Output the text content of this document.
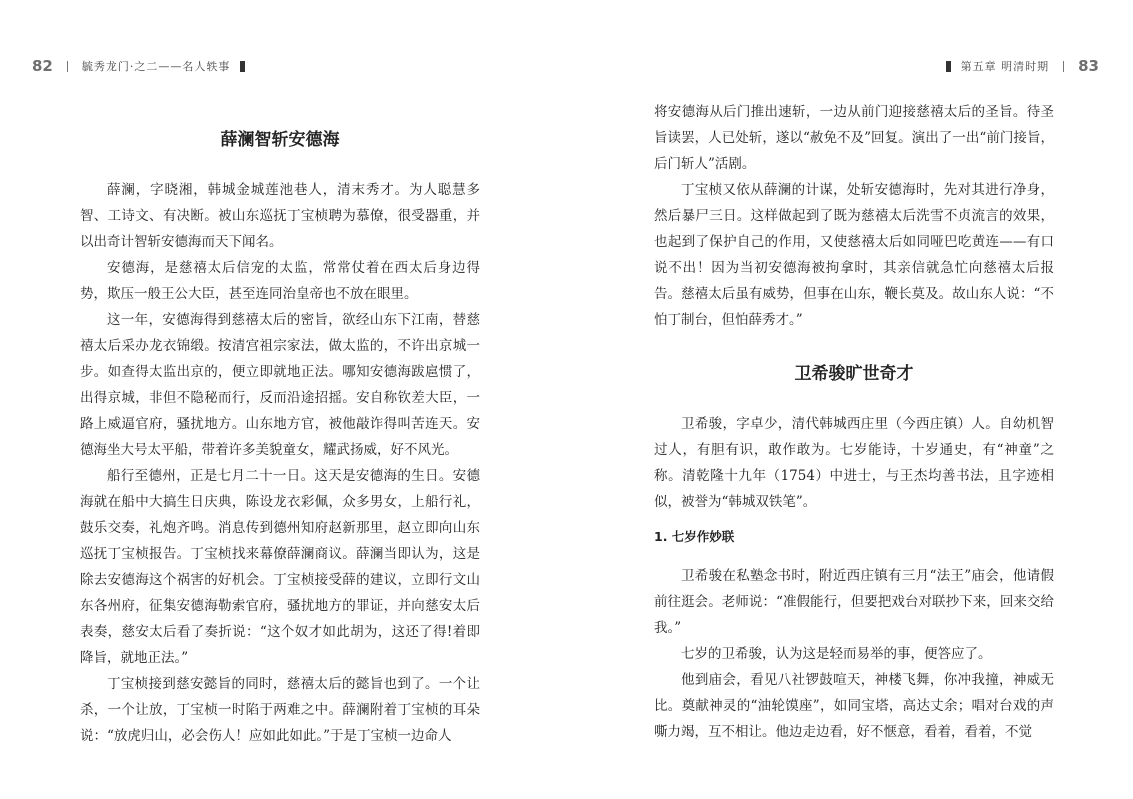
82	毓秀龙门·之二——名人轶事
薛澜智斩安德海

薛澜，字晓湘，韩城金城莲池巷人，清末秀才。为人聪慧多智、工诗文、有决断。被山东巡抚丁宝桢聘为慕僚，很受器重，并以出奇计智斩安德海而天下闻名。

安德海，是慈禧太后信宠的太监，常常仗着在西太后身边得势，欺压一般王公大臣，甚至连同治皇帝也不放在眼里。

这一年，安德海得到慈禧太后的密旨，欲经山东下江南，替慈禧太后采办龙衣锦缎。按清宫祖宗家法，做太监的，不许出京城一步。如查得太监出京的，便立即就地正法。哪知安德海跋扈惯了，出得京城，非但不隐秘而行，反而沿途招摇。安自称钦差大臣，一路上威逼官府，骚扰地方。山东地方官，被他敲诈得叫苦连天。安德海坐大号太平船，带着许多美貌童女，耀武扬威，好不风光。

船行至德州，正是七月二十一日。这天是安德海的生日。安德海就在船中大搞生日庆典，陈设龙衣彩佩，众多男女，上船行礼，鼓乐交奏，礼炮齐鸣。消息传到德州知府赵新那里，赵立即向山东巡抚丁宝桢报告。丁宝桢找来幕僚薛澜商议。薛澜当即认为，这是除去安德海这个祸害的好机会。丁宝桢接受薛的建议，立即行文山东各州府，征集安德海勒索官府，骚扰地方的罪证，并向慈安太后表奏，慈安太后看了奏折说：“这个奴才如此胡为，这还了得!着即降旨，就地正法。”

丁宝桢接到慈安懿旨的同时，慈禧太后的懿旨也到了。一个让杀，一个让放，丁宝桢一时陷于两难之中。薛澜附着丁宝桢的耳朵说：“放虎归山，必会伤人！应如此如此。”于是丁宝桢一边命人

第五章 明清时期 83

将安德海从后门推出速斩，一边从前门迎接慈禧太后的圣旨。待圣旨读罢，人已处斩，遂以“赦免不及”回复。演出了一出“前门接旨，后门斩人”活剧。

丁宝桢又依从薛澜的计谋，处斩安德海时，先对其进行净身，然后暴尸三日。这样做起到了既为慈禧太后洗雪不贞流言的效果，也起到了保护自己的作用，又使慈禧太后如同哑巴吃黄连——有口说不出！因为当初安德海被拘拿时，其亲信就急忙向慈禧太后报告。慈禧太后虽有威势，但事在山东，鞭长莫及。故山东人说：“不怕丁制台，但怕薛秀才。”

卫希骏旷世奇才

卫希骏，字卓少，清代韩城西庄里（今西庄镇）人。自幼机智过人，有胆有识，敢作敢为。七岁能诗，十岁通史，有“神童”之称。清乾隆十九年（1754）中进士，与王杰均善书法，且字迹相似，被誉为“韩城双铁笔”。

1. 七岁作妙联

卫希骏在私塾念书时，附近西庄镇有三月“法王”庙会，他请假前往逛会。老师说：“准假能行，但要把戏台对联抄下来，回来交给我。”

七岁的卫希骏，认为这是轻而易举的事，便答应了。

他到庙会，看见八社锣鼓喧天，神楼飞舞，你冲我撞，神威无比。奠献神灵的“油轮馍座”，如同宝塔，高达丈余；唱对台戏的声嘶力竭，互不相让。他边走边看，好不惬意，看着，看着，不觉
